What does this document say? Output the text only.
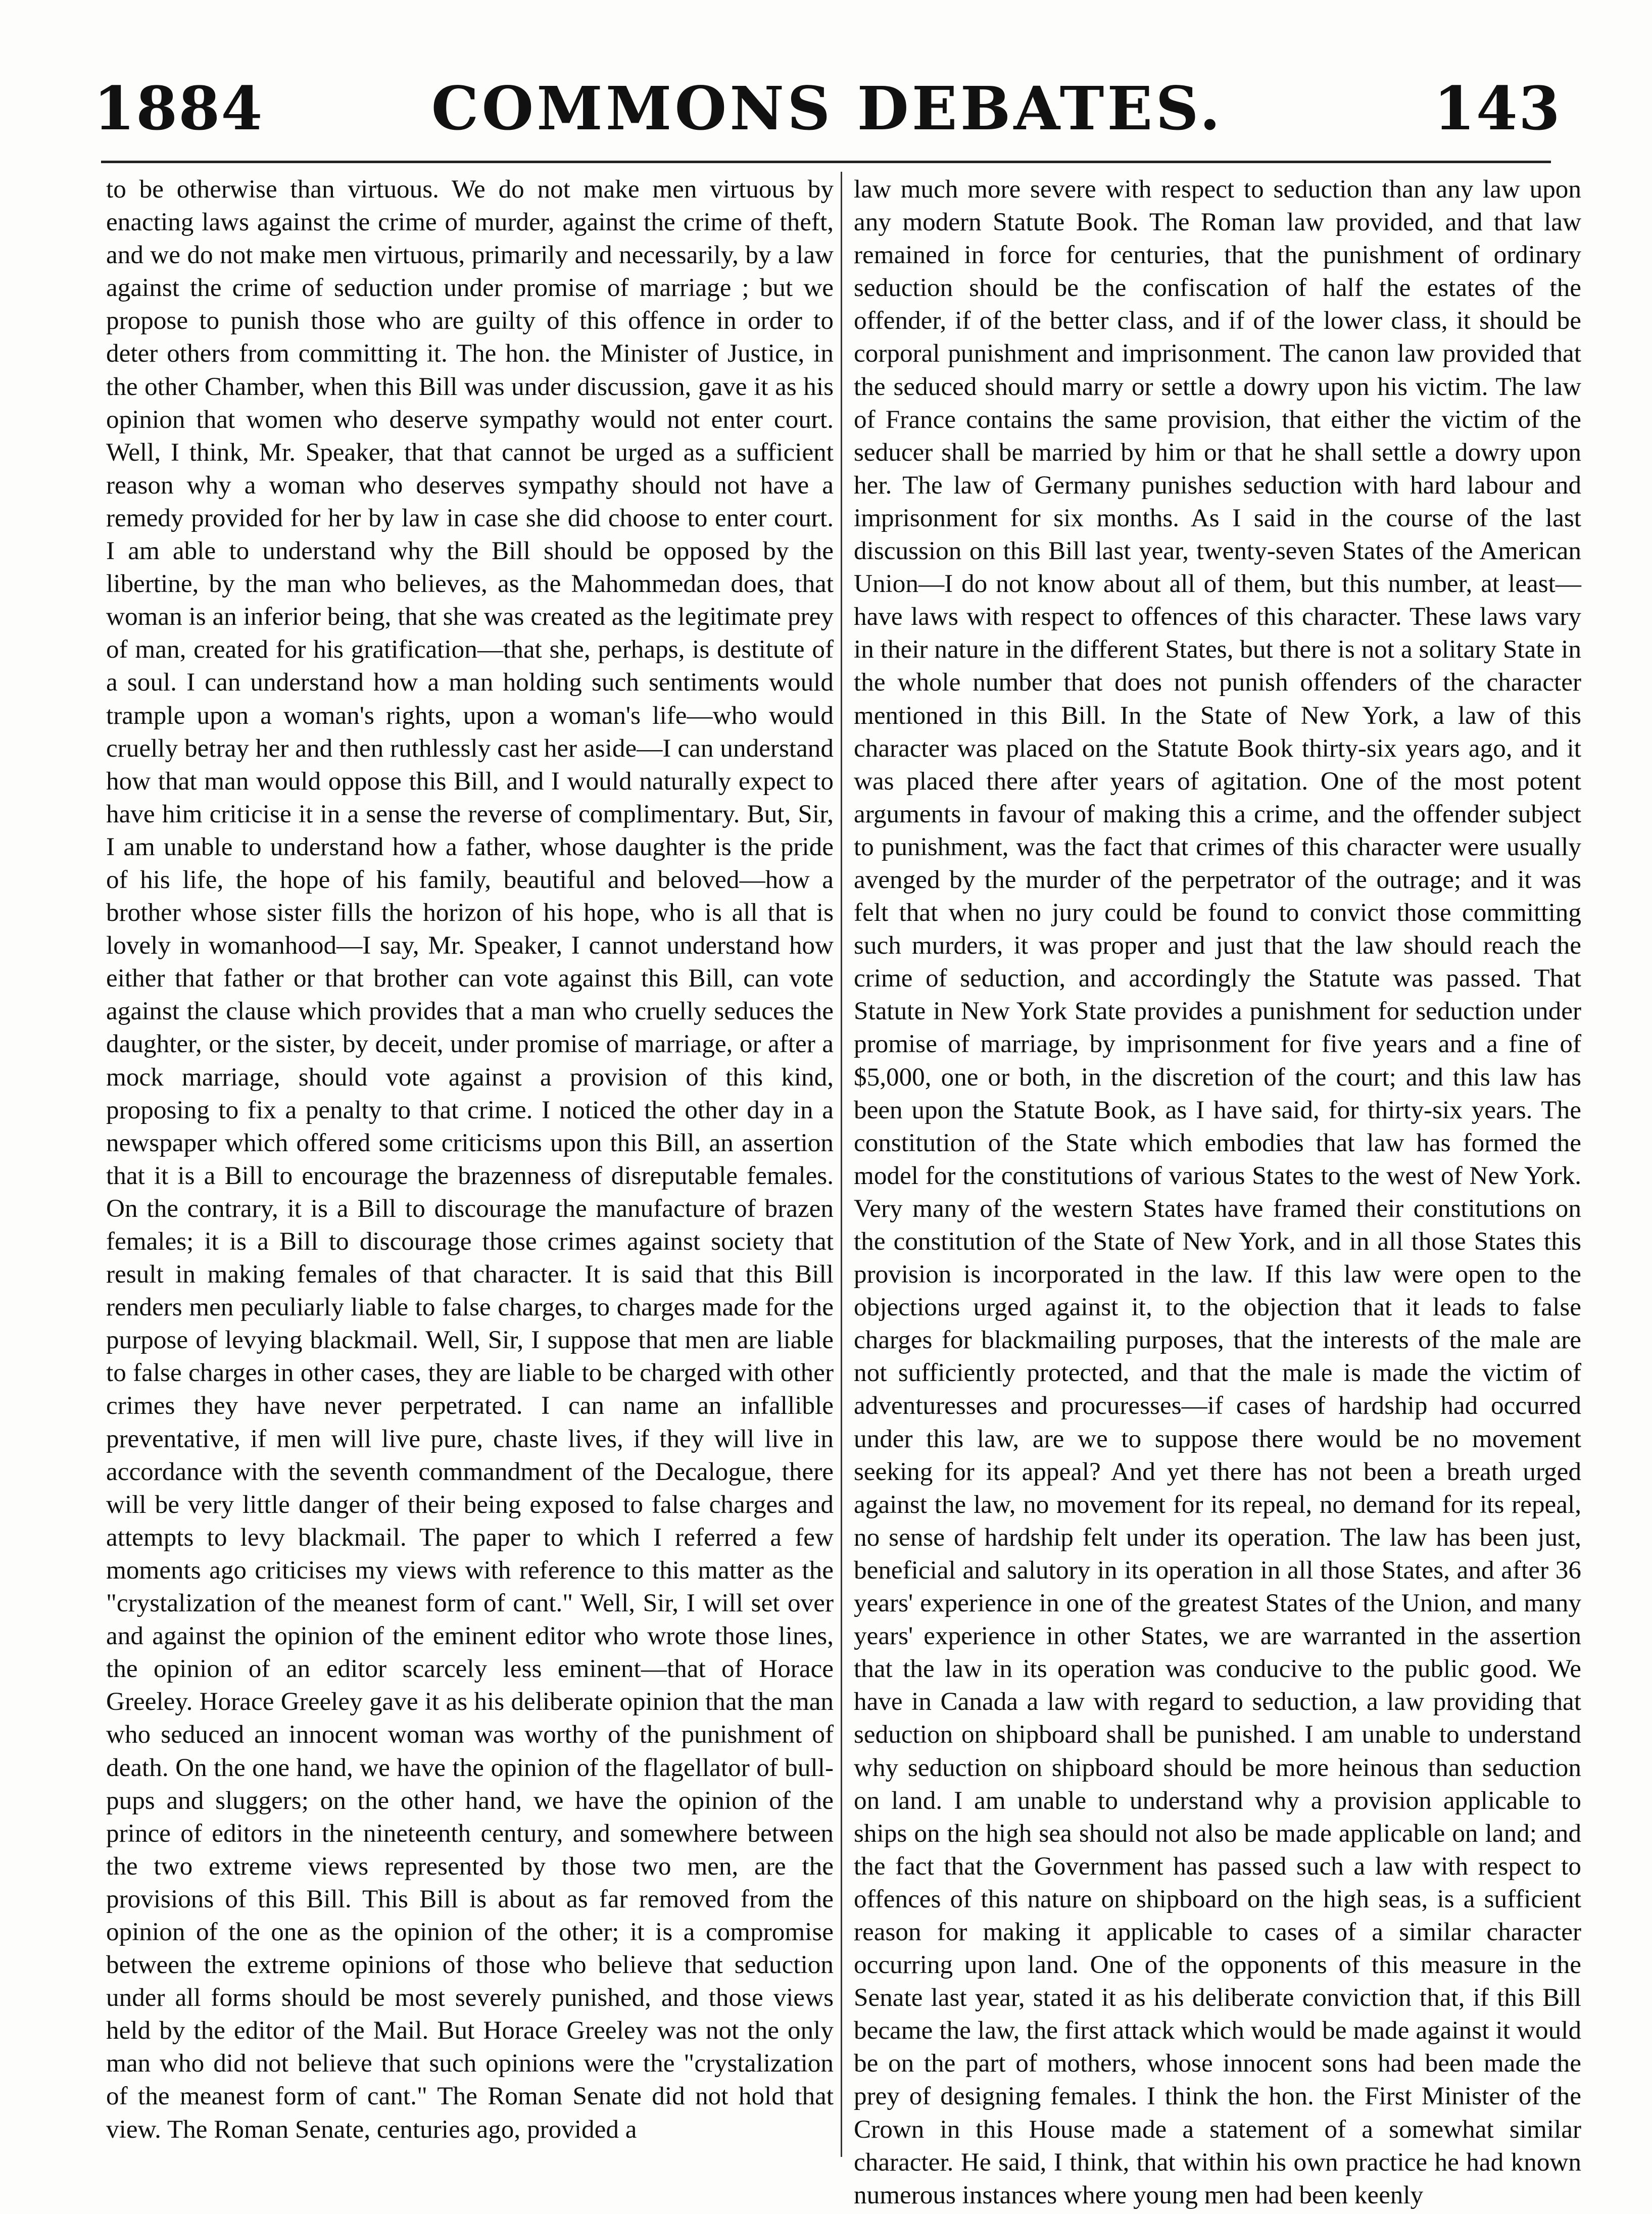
1884	COMMONS DEBATES.	143

to be otherwise than virtuous. We do not make men virtuous by enacting laws against the crime of murder, against the crime of theft, and we do not make men virtuous, primarily and necessarily, by a law against the crime of seduction under promise of marriage ; but we propose to punish those who are guilty of this offence in order to deter others from committing it. The hon. the Minister of Justice, in the other Chamber, when this Bill was under discussion, gave it as his opinion that women who deserve sympathy would not enter court. Well, I think, Mr. Speaker, that that cannot be urged as a sufficient reason why a woman who deserves sympathy should not have a remedy provided for her by law in case she did choose to enter court. I am able to understand why the Bill should be opposed by the libertine, by the man who believes, as the Mahommedan does, that woman is an inferior being, that she was created as the legitimate prey of man, created for his gratification—that she, perhaps, is destitute of a soul. I can understand how a man holding such sentiments would trample upon a woman's rights, upon a woman's life—who would cruelly betray her and then ruthlessly cast her aside—I can understand how that man would oppose this Bill, and I would naturally expect to have him criticise it in a sense the reverse of complimentary. But, Sir, I am unable to understand how a father, whose daughter is the pride of his life, the hope of his family, beautiful and beloved—how a brother whose sister fills the horizon of his hope, who is all that is lovely in womanhood—I say, Mr. Speaker, I cannot understand how either that father or that brother can vote against this Bill, can vote against the clause which provides that a man who cruelly seduces the daughter, or the sister, by deceit, under promise of marriage, or after a mock marriage, should vote against a provision of this kind, proposing to fix a penalty to that crime. I noticed the other day in a newspaper which offered some criticisms upon this Bill, an assertion that it is a Bill to encourage the brazenness of disreputable females. On the contrary, it is a Bill to discourage the manufacture of brazen females; it is a Bill to discourage those crimes against society that result in making females of that character. It is said that this Bill renders men peculiarly liable to false charges, to charges made for the purpose of levying blackmail. Well, Sir, I suppose that men are liable to false charges in other cases, they are liable to be charged with other crimes they have never perpetrated. I can name an infallible preventative, if men will live pure, chaste lives, if they will live in accordance with the seventh commandment of the Decalogue, there will be very little danger of their being exposed to false charges and attempts to levy blackmail. The paper to which I referred a few moments ago criticises my views with reference to this matter as the "crystalization of the meanest form of cant." Well, Sir, I will set over and against the opinion of the eminent editor who wrote those lines, the opinion of an editor scarcely less eminent—that of Horace Greeley. Horace Greeley gave it as his deliberate opinion that the man who seduced an innocent woman was worthy of the punishment of death. On the one hand, we have the opinion of the flagellator of bull-pups and sluggers; on the other hand, we have the opinion of the prince of editors in the nineteenth century, and somewhere between the two extreme views represented by those two men, are the provisions of this Bill. This Bill is about as far removed from the opinion of the one as the opinion of the other; it is a compromise between the extreme opinions of those who believe that seduction under all forms should be most severely punished, and those views held by the editor of the Mail. But Horace Greeley was not the only man who did not believe that such opinions were the "crystalization of the meanest form of cant." The Roman Senate did not hold that view. The Roman Senate, centuries ago, provided a

law much more severe with respect to seduction than any law upon any modern Statute Book. The Roman law provided, and that law remained in force for centuries, that the punishment of ordinary seduction should be the confiscation of half the estates of the offender, if of the better class, and if of the lower class, it should be corporal punishment and imprisonment. The canon law provided that the seduced should marry or settle a dowry upon his victim. The law of France contains the same provision, that either the victim of the seducer shall be married by him or that he shall settle a dowry upon her. The law of Germany punishes seduction with hard labour and imprisonment for six months. As I said in the course of the last discussion on this Bill last year, twenty-seven States of the American Union—I do not know about all of them, but this number, at least—have laws with respect to offences of this character. These laws vary in their nature in the different States, but there is not a solitary State in the whole number that does not punish offenders of the character mentioned in this Bill. In the State of New York, a law of this character was placed on the Statute Book thirty-six years ago, and it was placed there after years of agitation. One of the most potent arguments in favour of making this a crime, and the offender subject to punishment, was the fact that crimes of this character were usually avenged by the murder of the perpetrator of the outrage; and it was felt that when no jury could be found to convict those committing such murders, it was proper and just that the law should reach the crime of seduction, and accordingly the Statute was passed. That Statute in New York State provides a punishment for seduction under promise of marriage, by imprisonment for five years and a fine of $5,000, one or both, in the discretion of the court; and this law has been upon the Statute Book, as I have said, for thirty-six years. The constitution of the State which embodies that law has formed the model for the constitutions of various States to the west of New York. Very many of the western States have framed their constitutions on the constitution of the State of New York, and in all those States this provision is incorporated in the law. If this law were open to the objections urged against it, to the objection that it leads to false charges for blackmailing purposes, that the interests of the male are not sufficiently protected, and that the male is made the victim of adventuresses and procuresses—if cases of hardship had occurred under this law, are we to suppose there would be no movement seeking for its appeal? And yet there has not been a breath urged against the law, no movement for its repeal, no demand for its repeal, no sense of hardship felt under its operation. The law has been just, beneficial and salutory in its operation in all those States, and after 36 years' experience in one of the greatest States of the Union, and many years' experience in other States, we are warranted in the assertion that the law in its operation was conducive to the public good. We have in Canada a law with regard to seduction, a law providing that seduction on shipboard shall be punished. I am unable to understand why seduction on shipboard should be more heinous than seduction on land. I am unable to understand why a provision applicable to ships on the high sea should not also be made applicable on land; and the fact that the Government has passed such a law with respect to offences of this nature on shipboard on the high seas, is a sufficient reason for making it applicable to cases of a similar character occurring upon land. One of the opponents of this measure in the Senate last year, stated it as his deliberate conviction that, if this Bill became the law, the first attack which would be made against it would be on the part of mothers, whose innocent sons had been made the prey of designing females. I think the hon. the First Minister of the Crown in this House made a statement of a somewhat similar character. He said, I think, that within his own practice he had known numerous instances where young men had been keenly
